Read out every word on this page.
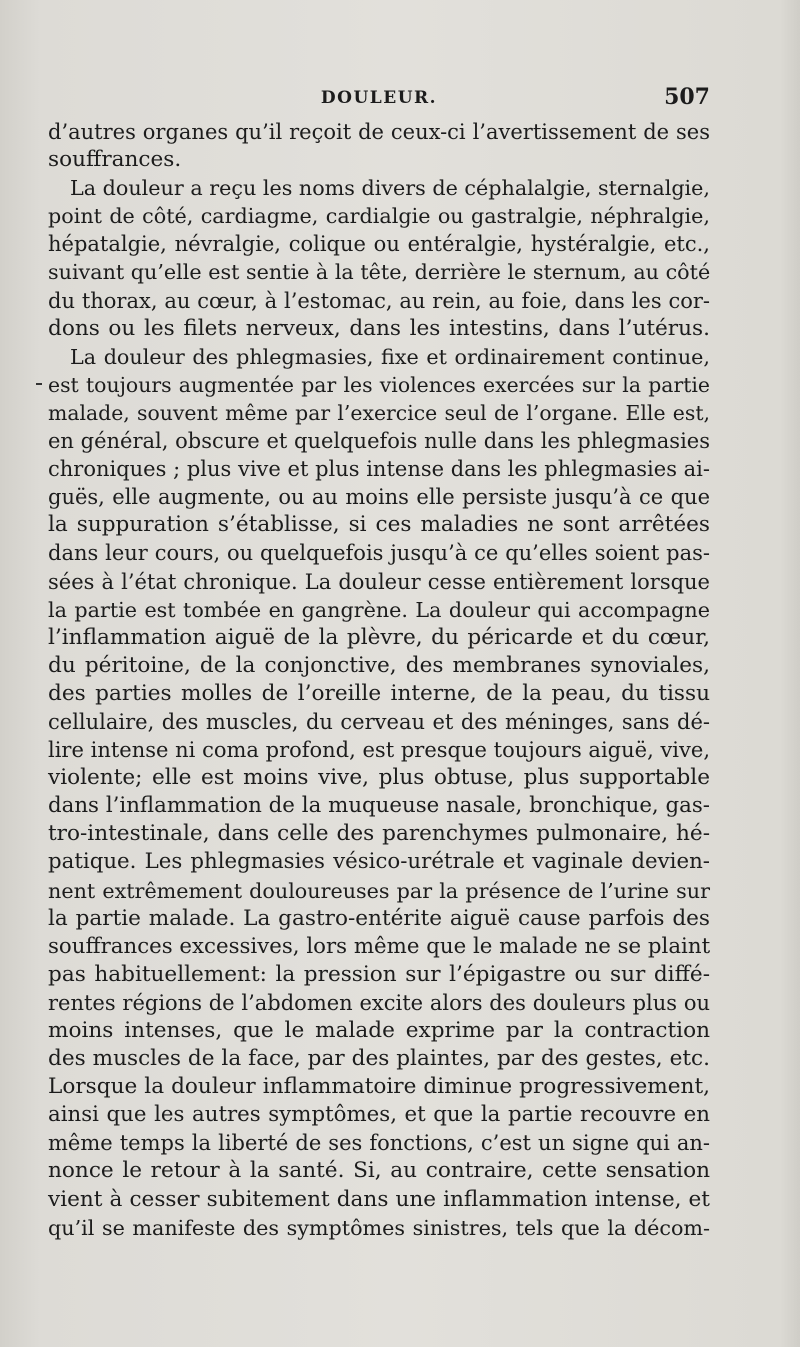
DOULEUR.	507
d’autres organes qu’il reçoit de ceux-ci l’avertissement de ses
souffrances.
La douleur a reçu les noms divers de céphalalgie, sternalgie,
point de côté, cardiagme, cardialgie ou gastralgie, néphralgie,
hépatalgie, névralgie, colique ou entéralgie, hystéralgie, etc.,
suivant qu’elle est sentie à la tête, derrière le sternum, au côté
du thorax, au cœur, à l’estomac, au rein, au foie, dans les cor-
dons ou les filets nerveux, dans les intestins, dans l’utérus.
La douleur des phlegmasies, fixe et ordinairement continue,
est toujours augmentée par les violences exercées sur la partie
malade, souvent même par l’exercice seul de l’organe. Elle est,
en général, obscure et quelquefois nulle dans les phlegmasies
chroniques ; plus vive et plus intense dans les phlegmasies ai-
guës, elle augmente, ou au moins elle persiste jusqu’à ce que
la suppuration s’établisse, si ces maladies ne sont arrêtées
dans leur cours, ou quelquefois jusqu’à ce qu’elles soient pas-
sées à l’état chronique. La douleur cesse entièrement lorsque
la partie est tombée en gangrène. La douleur qui accompagne
l’inflammation aiguë de la plèvre, du péricarde et du cœur,
du péritoine, de la conjonctive, des membranes synoviales,
des parties molles de l’oreille interne, de la peau, du tissu
cellulaire, des muscles, du cerveau et des méninges, sans dé-
lire intense ni coma profond, est presque toujours aiguë, vive,
violente; elle est moins vive, plus obtuse, plus supportable
dans l’inflammation de la muqueuse nasale, bronchique, gas-
tro-intestinale, dans celle des parenchymes pulmonaire, hé-
patique. Les phlegmasies vésico-urétrale et vaginale devien-
nent extrêmement douloureuses par la présence de l’urine sur
la partie malade. La gastro-entérite aiguë cause parfois des
souffrances excessives, lors même que le malade ne se plaint
pas habituellement: la pression sur l’épigastre ou sur diffé-
rentes régions de l’abdomen excite alors des douleurs plus ou
moins intenses, que le malade exprime par la contraction
des muscles de la face, par des plaintes, par des gestes, etc.
Lorsque la douleur inflammatoire diminue progressivement,
ainsi que les autres symptômes, et que la partie recouvre en
même temps la liberté de ses fonctions, c’est un signe qui an-
nonce le retour à la santé. Si, au contraire, cette sensation
vient à cesser subitement dans une inflammation intense, et
qu’il se manifeste des symptômes sinistres, tels que la décom-
